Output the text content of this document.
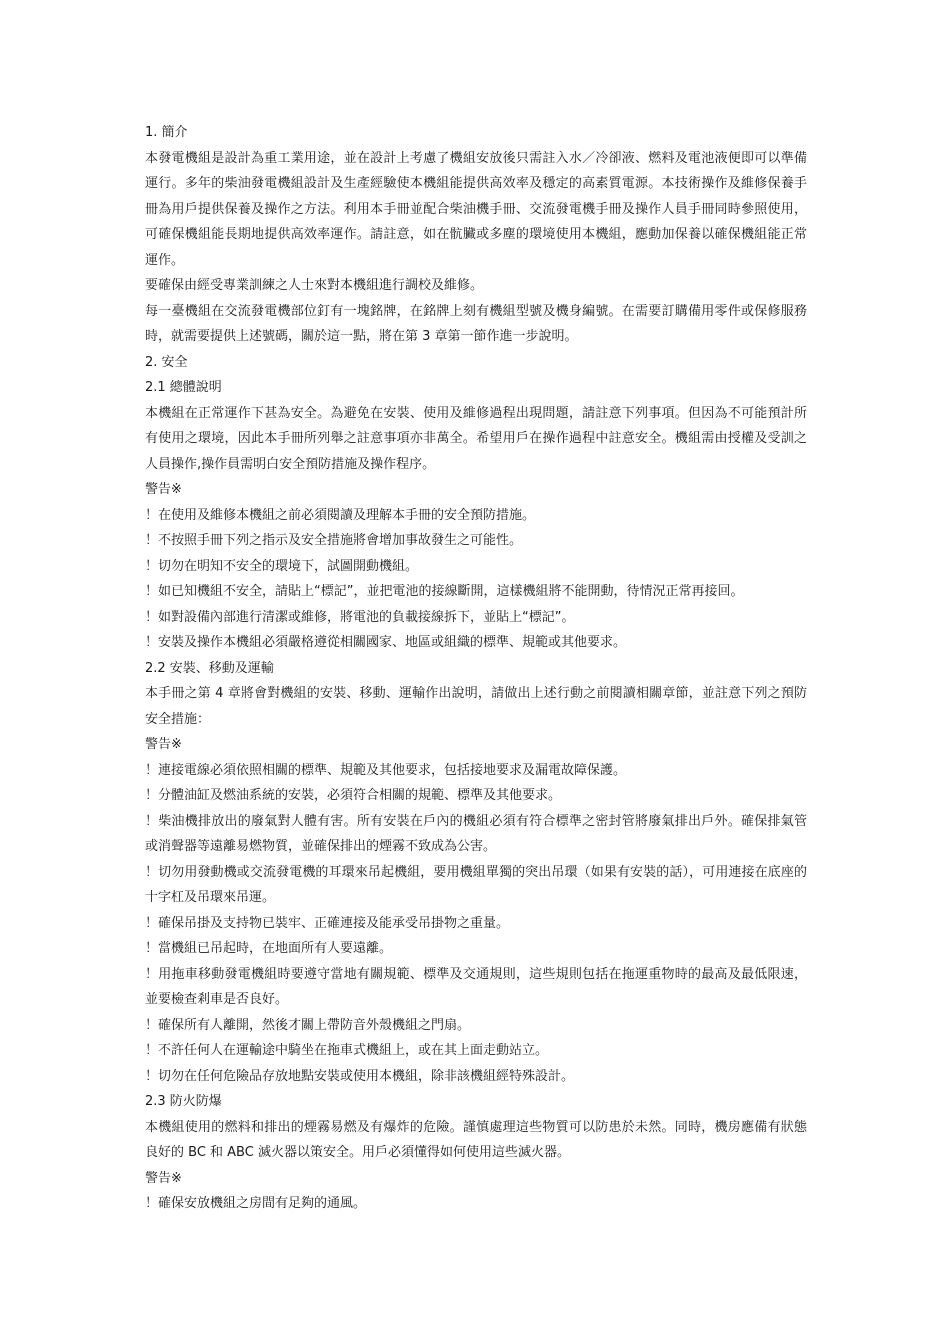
1. 簡介

本發電機組是設計為重工業用途，並在設計上考慮了機組安放後只需註入水／冷卻液、燃料及電池液便即可以準備運行。多年的柴油發電機組設計及生產經驗使本機組能提供高效率及穩定的高素質電源。本技術操作及維修保養手冊為用戶提供保養及操作之方法。利用本手冊並配合柴油機手冊、交流發電機手冊及操作人員手冊同時參照使用，可確保機組能長期地提供高效率運作。請註意，如在骯臟或多塵的環境使用本機組，應動加保養以確保機組能正常運作。

要確保由經受專業訓練之人士來對本機組進行調校及維修。

每一臺機組在交流發電機部位釘有一塊銘牌，在銘牌上刻有機組型號及機身編號。在需要訂購備用零件或保修服務時，就需要提供上述號碼，關於這一點，將在第 3 章第一節作進一步說明。

2. 安全

2.1 總體說明

本機組在正常運作下甚為安全。為避免在安裝、使用及維修過程出現問題，請註意下列事項。但因為不可能預計所有使用之環境，因此本手冊所列舉之註意事項亦非萬全。希望用戶在操作過程中註意安全。機組需由授權及受訓之人員操作,操作員需明白安全預防措施及操作程序。

警告※

！在使用及維修本機組之前必須閱讀及理解本手冊的安全預防措施。

！不按照手冊下列之指示及安全措施將會增加事故發生之可能性。

！切勿在明知不安全的環境下，試圖開動機組。

！如已知機組不安全，請貼上“標記”，並把電池的接線斷開，這樣機組將不能開動，待情況正常再接回。

！如對設備內部進行清潔或維修，將電池的負載接線拆下，並貼上“標記”。

！安裝及操作本機組必須嚴格遵從相關國家、地區或組織的標準、規範或其他要求。

2.2 安裝、移動及運輸

本手冊之第 4 章將會對機組的安裝、移動、運輸作出說明，請做出上述行動之前閱讀相關章節，並註意下列之預防安全措施：

警告※

！連接電線必須依照相關的標準、規範及其他要求，包括接地要求及漏電故障保護。

！分體油缸及燃油系統的安裝，必須符合相關的規範、標準及其他要求。

！柴油機排放出的廢氣對人體有害。所有安裝在戶內的機組必須有符合標準之密封管將廢氣排出戶外。確保排氣管或消聲器等遠離易燃物質，並確保排出的煙霧不致成為公害。

！切勿用發動機或交流發電機的耳環來吊起機組，要用機組單獨的突出吊環（如果有安裝的話），可用連接在底座的十字杠及吊環來吊運。

！確保吊掛及支持物已裝牢、正確連接及能承受吊掛物之重量。

！當機組已吊起時，在地面所有人要遠離。

！用拖車移動發電機組時要遵守當地有關規範、標準及交通規則，這些規則包括在拖運重物時的最高及最低限速，並要檢查剎車是否良好。

！確保所有人離開，然後才關上帶防音外殼機組之門扇。

！不許任何人在運輸途中騎坐在拖車式機組上，或在其上面走動站立。

！切勿在任何危險品存放地點安裝或使用本機組，除非該機組經特殊設計。

2.3 防火防爆

本機組使用的燃料和排出的煙霧易燃及有爆炸的危險。謹慎處理這些物質可以防患於未然。同時，機房應備有狀態良好的 BC 和 ABC 滅火器以策安全。用戶必須懂得如何使用這些滅火器。

警告※

！確保安放機組之房間有足夠的通風。
